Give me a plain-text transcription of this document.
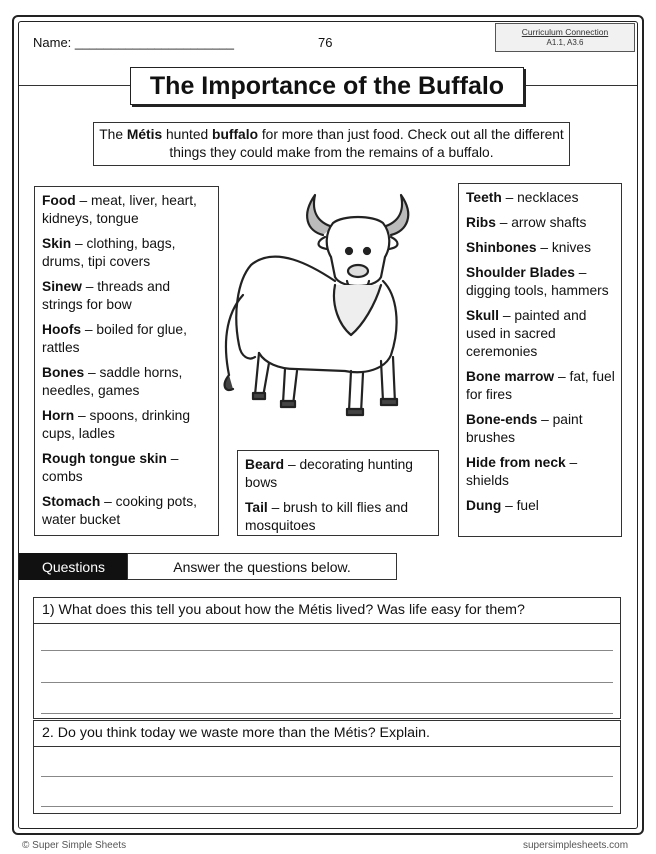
Name: ______________________	76
Curriculum Connection
A1.1, A3.6
The Importance of the Buffalo
The Métis hunted buffalo for more than just food. Check out all the different things they could make from the remains of a buffalo.
Food – meat, liver, heart, kidneys, tongue
Skin – clothing, bags, drums, tipi covers
Sinew – threads and strings for bow
Hoofs – boiled for glue, rattles
Bones – saddle horns, needles, games
Horn – spoons, drinking cups, ladles
Rough tongue skin – combs
Stomach – cooking pots, water bucket
Beard – decorating hunting bows
Tail – brush to kill flies and mosquitoes
Teeth – necklaces
Ribs – arrow shafts
Shinbones – knives
Shoulder Blades – digging tools, hammers
Skull – painted and used in sacred ceremonies
Bone marrow – fat, fuel for fires
Bone-ends – paint brushes
Hide from neck – shields
Dung – fuel
Questions	Answer the questions below.
1) What does this tell you about how the Métis lived? Was life easy for them?
2. Do you think today we waste more than the Métis? Explain.
© Super Simple Sheets	supersimplesheets.com
